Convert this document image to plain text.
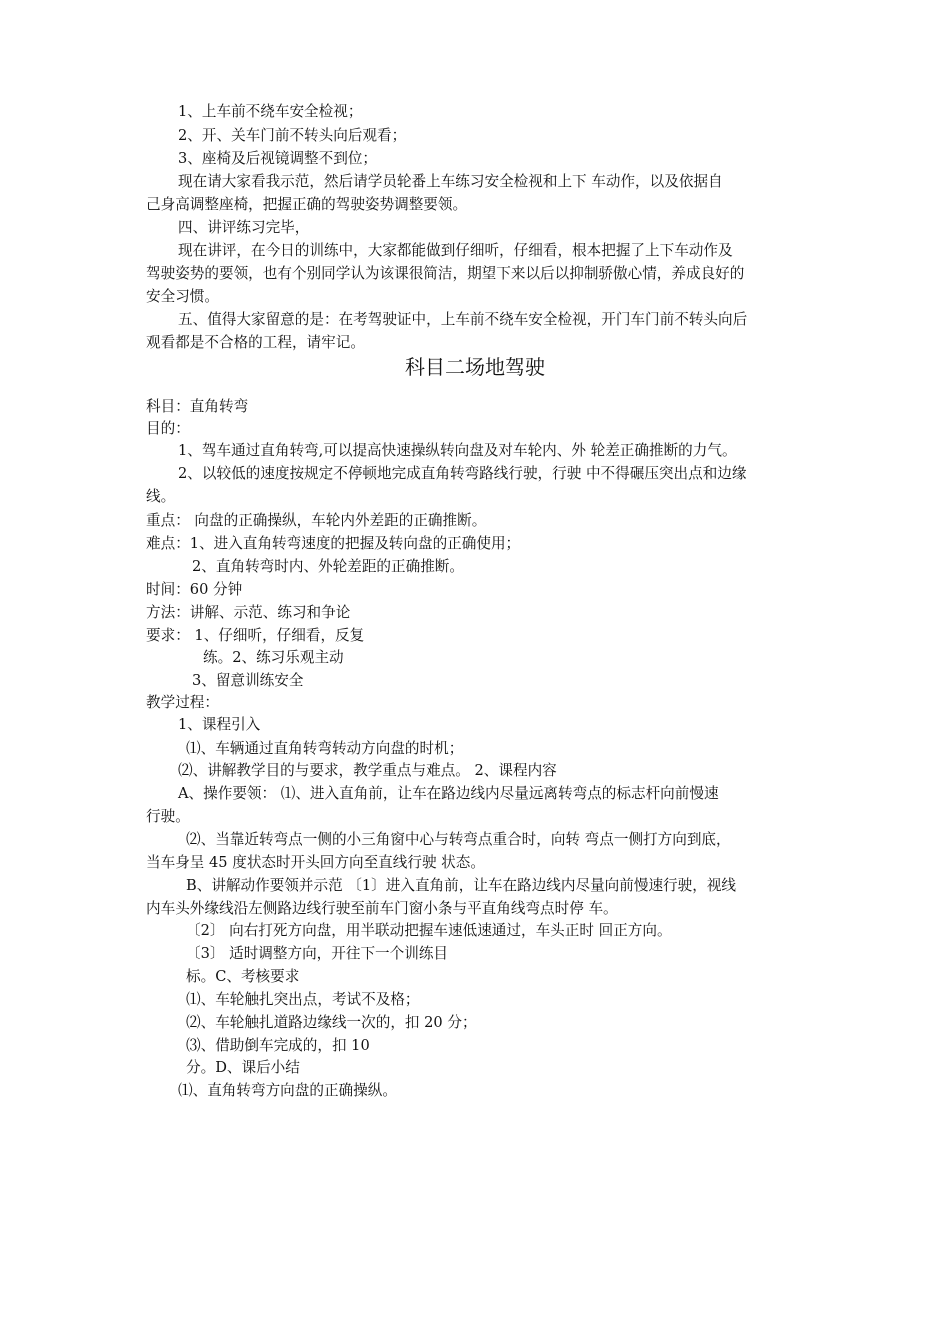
1、上车前不绕车安全检视；
2、开、关车门前不转头向后观看；
3、座椅及后视镜调整不到位；
现在请大家看我示范，然后请学员轮番上车练习安全检视和上下 车动作，以及依据自
己身高调整座椅，把握正确的驾驶姿势调整要领。
四、讲评练习完毕，
现在讲评，在今日的训练中，大家都能做到仔细听，仔细看，根本把握了上下车动作及
驾驶姿势的要领，也有个别同学认为该课很简洁，期望下来以后以抑制骄傲心情，养成良好的
安全习惯。
五、值得大家留意的是：在考驾驶证中，上车前不绕车安全检视，开门车门前不转头向后
观看都是不合格的工程，请牢记。
科目二场地驾驶
科目：直角转弯
目的：
1、驾车通过直角转弯,可以提高快速操纵转向盘及对车轮内、外 轮差正确推断的力气。
2、以较低的速度按规定不停顿地完成直角转弯路线行驶，行驶 中不得碾压突出点和边缘
线。
重点： 向盘的正确操纵，车轮内外差距的正确推断。
难点：1、进入直角转弯速度的把握及转向盘的正确使用；
2、直角转弯时内、外轮差距的正确推断。
时间：60 分钟
方法：讲解、示范、练习和争论
要求： 1、仔细听，仔细看，反复
练。2、练习乐观主动
3、留意训练安全
教学过程：
1、课程引入
⑴、车辆通过直角转弯转动方向盘的时机；
⑵、讲解教学目的与要求，教学重点与难点。 2、课程内容
A、操作要领： ⑴、进入直角前，让车在路边线内尽量远离转弯点的标志杆向前慢速
行驶。
⑵、当靠近转弯点一侧的小三角窗中心与转弯点重合时，向转 弯点一侧打方向到底，
当车身呈 45 度状态时开头回方向至直线行驶 状态。
B、讲解动作要领并示范 〔1〕进入直角前，让车在路边线内尽量向前慢速行驶，视线
内车头外缘线沿左侧路边线行驶至前车门窗小条与平直角线弯点时停 车。
〔2〕 向右打死方向盘，用半联动把握车速低速通过，车头正时 回正方向。
〔3〕 适时调整方向，开往下一个训练目
标。C、考核要求
⑴、车轮触扎突出点，考试不及格；
⑵、车轮触扎道路边缘线一次的，扣 20 分；
⑶、借助倒车完成的，扣 10
分。D、课后小结
⑴、直角转弯方向盘的正确操纵。
